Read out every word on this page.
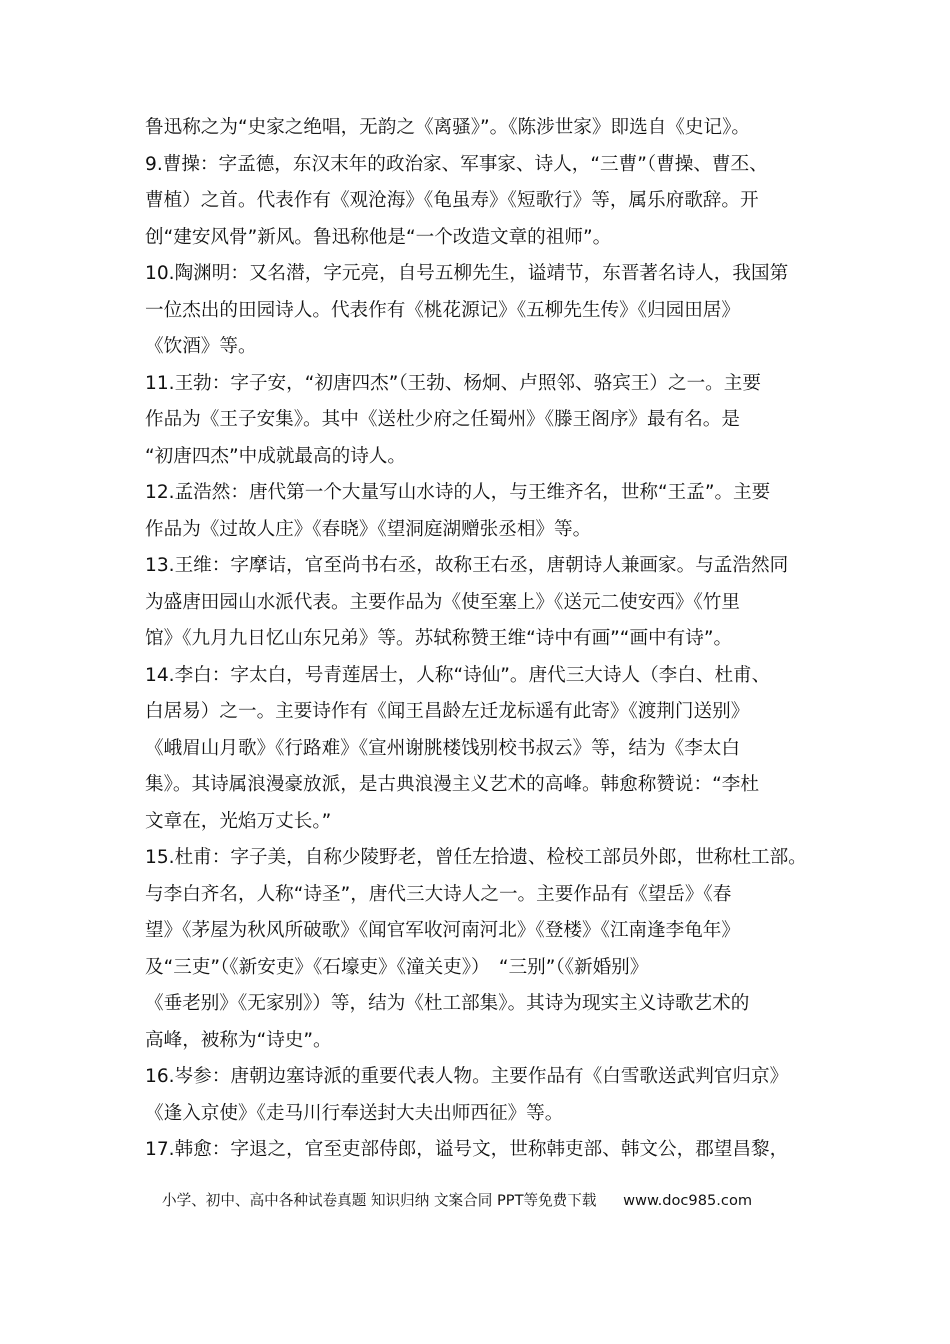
鲁迅称之为“史家之绝唱，无韵之《离骚》”。《陈涉世家》即选自《史记》。
9.曹操：字孟德，东汉末年的政治家、军事家、诗人，“三曹”（曹操、曹丕、
曹植）之首。代表作有《观沧海》《龟虽寿》《短歌行》等，属乐府歌辞。开
创“建安风骨”新风。鲁迅称他是“一个改造文章的祖师”。
10.陶渊明：又名潜，字元亮，自号五柳先生，谥靖节，东晋著名诗人，我国第
一位杰出的田园诗人。代表作有《桃花源记》《五柳先生传》《归园田居》
《饮酒》等。
11.王勃：字子安，“初唐四杰”（王勃、杨炯、卢照邻、骆宾王）之一。主要
作品为《王子安集》。其中《送杜少府之任蜀州》《滕王阁序》最有名。是
“初唐四杰”中成就最高的诗人。
12.孟浩然：唐代第一个大量写山水诗的人，与王维齐名，世称“王孟”。主要
作品为《过故人庄》《春晓》《望洞庭湖赠张丞相》等。
13.王维：字摩诘，官至尚书右丞，故称王右丞，唐朝诗人兼画家。与孟浩然同
为盛唐田园山水派代表。主要作品为《使至塞上》《送元二使安西》《竹里
馆》《九月九日忆山东兄弟》等。苏轼称赞王维“诗中有画”“画中有诗”。
14.李白：字太白，号青莲居士，人称“诗仙”。唐代三大诗人（李白、杜甫、
白居易）之一。主要诗作有《闻王昌龄左迁龙标遥有此寄》《渡荆门送别》
《峨眉山月歌》《行路难》《宣州谢朓楼饯别校书叔云》等，结为《李太白
集》。其诗属浪漫豪放派，是古典浪漫主义艺术的高峰。韩愈称赞说：“李杜
文章在，光焰万丈长。”
15.杜甫：字子美，自称少陵野老，曾任左拾遗、检校工部员外郎，世称杜工部。
与李白齐名，人称“诗圣”，唐代三大诗人之一。主要作品有《望岳》《春
望》《茅屋为秋风所破歌》《闻官军收河南河北》《登楼》《江南逢李龟年》
及“三吏”（《新安吏》《石壕吏》《潼关吏》）　“三别”（《新婚别》
《垂老别》《无家别》）等，结为《杜工部集》。其诗为现实主义诗歌艺术的
高峰，被称为“诗史”。
16.岑参：唐朝边塞诗派的重要代表人物。主要作品有《白雪歌送武判官归京》
《逢入京使》《走马川行奉送封大夫出师西征》等。
17.韩愈：字退之，官至吏部侍郎，谥号文，世称韩吏部、韩文公，郡望昌黎，
小学、初中、高中各种试卷真题 知识归纳 文案合同 PPT等免费下载 www.doc985.com
